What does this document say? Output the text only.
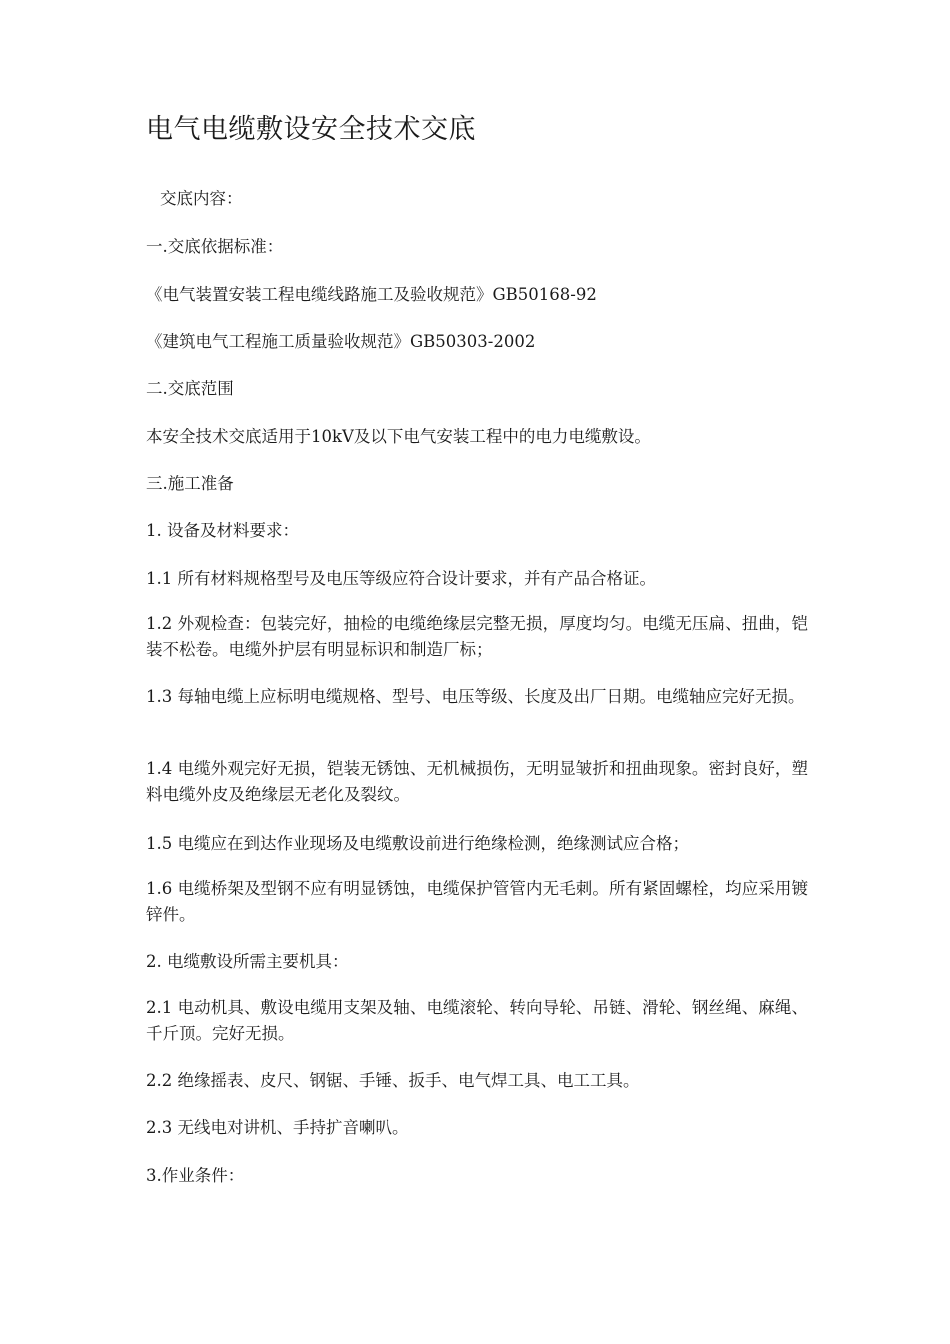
电气电缆敷设安全技术交底

交底内容：

一.交底依据标准：

《电气装置安装工程电缆线路施工及验收规范》GB50168-92

《建筑电气工程施工质量验收规范》GB50303-2002

二.交底范围

本安全技术交底适用于10kV及以下电气安装工程中的电力电缆敷设。

三.施工准备

1. 设备及材料要求：

1.1 所有材料规格型号及电压等级应符合设计要求，并有产品合格证。

1.2 外观检查：包装完好，抽检的电缆绝缘层完整无损，厚度均匀。电缆无压扁、扭曲，铠装不松卷。电缆外护层有明显标识和制造厂标；

1.3 每轴电缆上应标明电缆规格、型号、电压等级、长度及出厂日期。电缆轴应完好无损。

1.4 电缆外观完好无损，铠装无锈蚀、无机械损伤，无明显皱折和扭曲现象。密封良好，塑料电缆外皮及绝缘层无老化及裂纹。

1.5 电缆应在到达作业现场及电缆敷设前进行绝缘检测，绝缘测试应合格；

1.6 电缆桥架及型钢不应有明显锈蚀，电缆保护管管内无毛刺。所有紧固螺栓，均应采用镀锌件。

2. 电缆敷设所需主要机具：

2.1 电动机具、敷设电缆用支架及轴、电缆滚轮、转向导轮、吊链、滑轮、钢丝绳、麻绳、千斤顶。完好无损。

2.2 绝缘摇表、皮尺、钢锯、手锤、扳手、电气焊工具、电工工具。

2.3 无线电对讲机、手持扩音喇叭。

3.作业条件：
